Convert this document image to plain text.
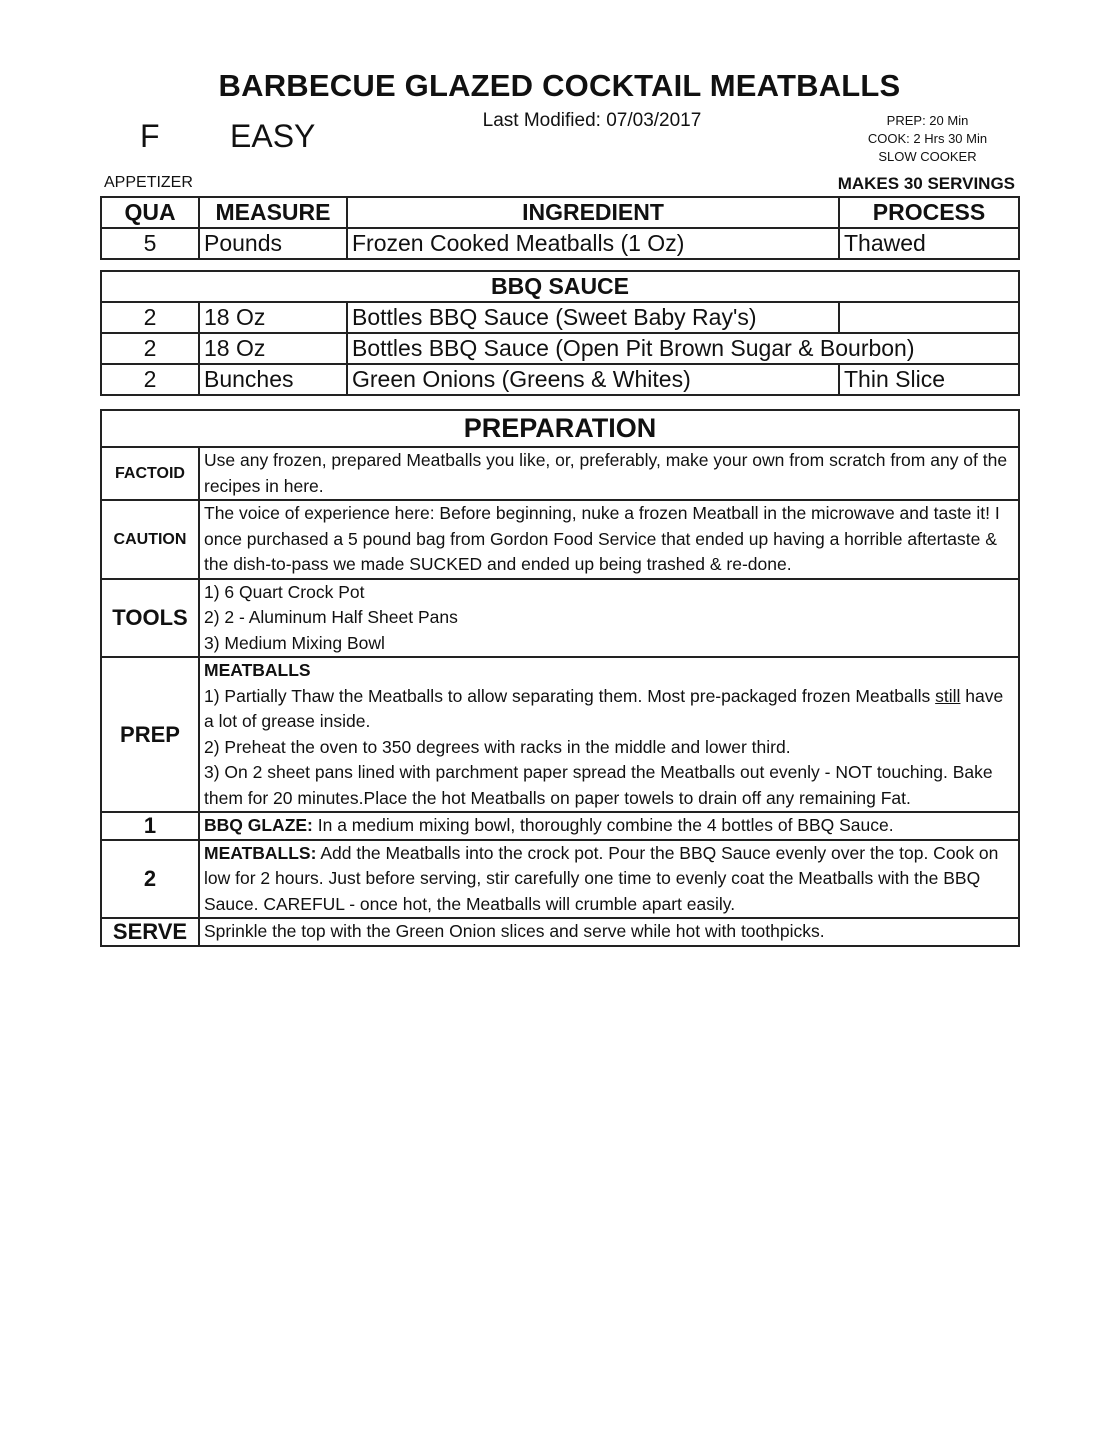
BARBECUE GLAZED COCKTAIL MEATBALLS
F EASY	Last Modified: 07/03/2017	PREP: 20 Min
COOK: 2 Hrs 30 Min
SLOW COOKER
APPETIZER	MAKES 30 SERVINGS
QUA	MEASURE	INGREDIENT	PROCESS
5	Pounds	Frozen Cooked Meatballs (1 Oz)	Thawed
BBQ SAUCE			
2	18 Oz	Bottles BBQ Sauce (Sweet Baby Ray's)	
2	18 Oz	Bottles BBQ Sauce (Open Pit Brown Sugar & Bourbon)	
2	Bunches	Green Onions (Greens & Whites)	Thin Slice
PREPARATION	
FACTOID	Use any frozen, prepared Meatballs you like, or, preferably, make your own from scratch from any of the recipes in here.
CAUTION	The voice of experience here: Before beginning, nuke a frozen Meatball in the microwave and taste it! I once purchased a 5 pound bag from Gordon Food Service that ended up having a horrible aftertaste & the dish-to-pass we made SUCKED and ended up being trashed & re-done.
TOOLS	1) 6 Quart Crock Pot
2) 2 - Aluminum Half Sheet Pans
3) Medium Mixing Bowl

PREP	MEATBALLS
1) Partially Thaw the Meatballs to allow separating them. Most pre-packaged frozen Meatballs still have a lot of grease inside.
2) Preheat the oven to 350 degrees with racks in the middle and lower third.
3) On 2 sheet pans lined with parchment paper spread the Meatballs out evenly - NOT touching. Bake them for 20 minutes.Place the hot Meatballs on paper towels to drain off any remaining Fat.

1	BBQ GLAZE: In a medium mixing bowl, thoroughly combine the 4 bottles of BBQ Sauce.
2	MEATBALLS: Add the Meatballs into the crock pot. Pour the BBQ Sauce evenly over the top. Cook on low for 2 hours. Just before serving, stir carefully one time to evenly coat the Meatballs with the BBQ Sauce. CAREFUL - once hot, the Meatballs will crumble apart easily.
SERVE	Sprinkle the top with the Green Onion slices and serve while hot with toothpicks.
